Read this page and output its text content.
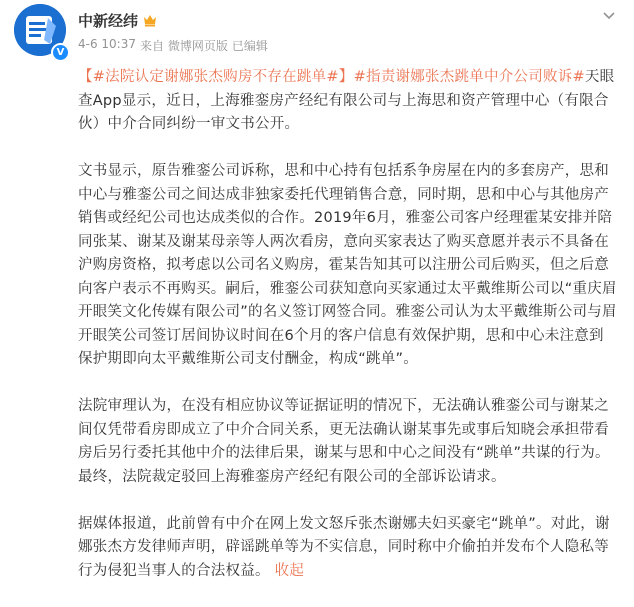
V
中新经纬
4-6 10:37 来自 微博网页版 已编辑

【#法院认定谢娜张杰购房不存在跳单#】#指责谢娜张杰跳单中介公司败诉#天眼查App显示，近日，上海雅銮房产经纪有限公司与上海思和资产管理中心（有限合伙）中介合同纠纷一审文书公开。

文书显示，原告雅銮公司诉称，思和中心持有包括系争房屋在内的多套房产，思和中心与雅銮公司之间达成非独家委托代理销售合意，同时期，思和中心与其他房产销售或经纪公司也达成类似的合作。2019年6月，雅銮公司客户经理霍某安排并陪同张某、谢某及谢某母亲等人两次看房，意向买家表达了购买意愿并表示不具备在沪购房资格，拟考虑以公司名义购房，霍某告知其可以注册公司后购买，但之后意向客户表示不再购买。嗣后，雅銮公司获知意向买家通过太平戴维斯公司以“重庆眉开眼笑文化传媒有限公司”的名义签订网签合同。雅銮公司认为太平戴维斯公司与眉开眼笑公司签订居间协议时间在6个月的客户信息有效保护期，思和中心未注意到保护期即向太平戴维斯公司支付酬金，构成“跳单”。

法院审理认为，在没有相应协议等证据证明的情况下，无法确认雅銮公司与谢某之间仅凭带看房即成立了中介合同关系，更无法确认谢某事先或事后知晓会承担带看房后另行委托其他中介的法律后果，谢某与思和中心之间没有“跳单”共谋的行为。最终，法院裁定驳回上海雅銮房产经纪有限公司的全部诉讼请求。

据媒体报道，此前曾有中介在网上发文怒斥张杰谢娜夫妇买豪宅“跳单”。对此，谢娜张杰方发律师声明，辟谣跳单等为不实信息，同时称中介偷拍并发布个人隐私等行为侵犯当事人的合法权益。 收起
